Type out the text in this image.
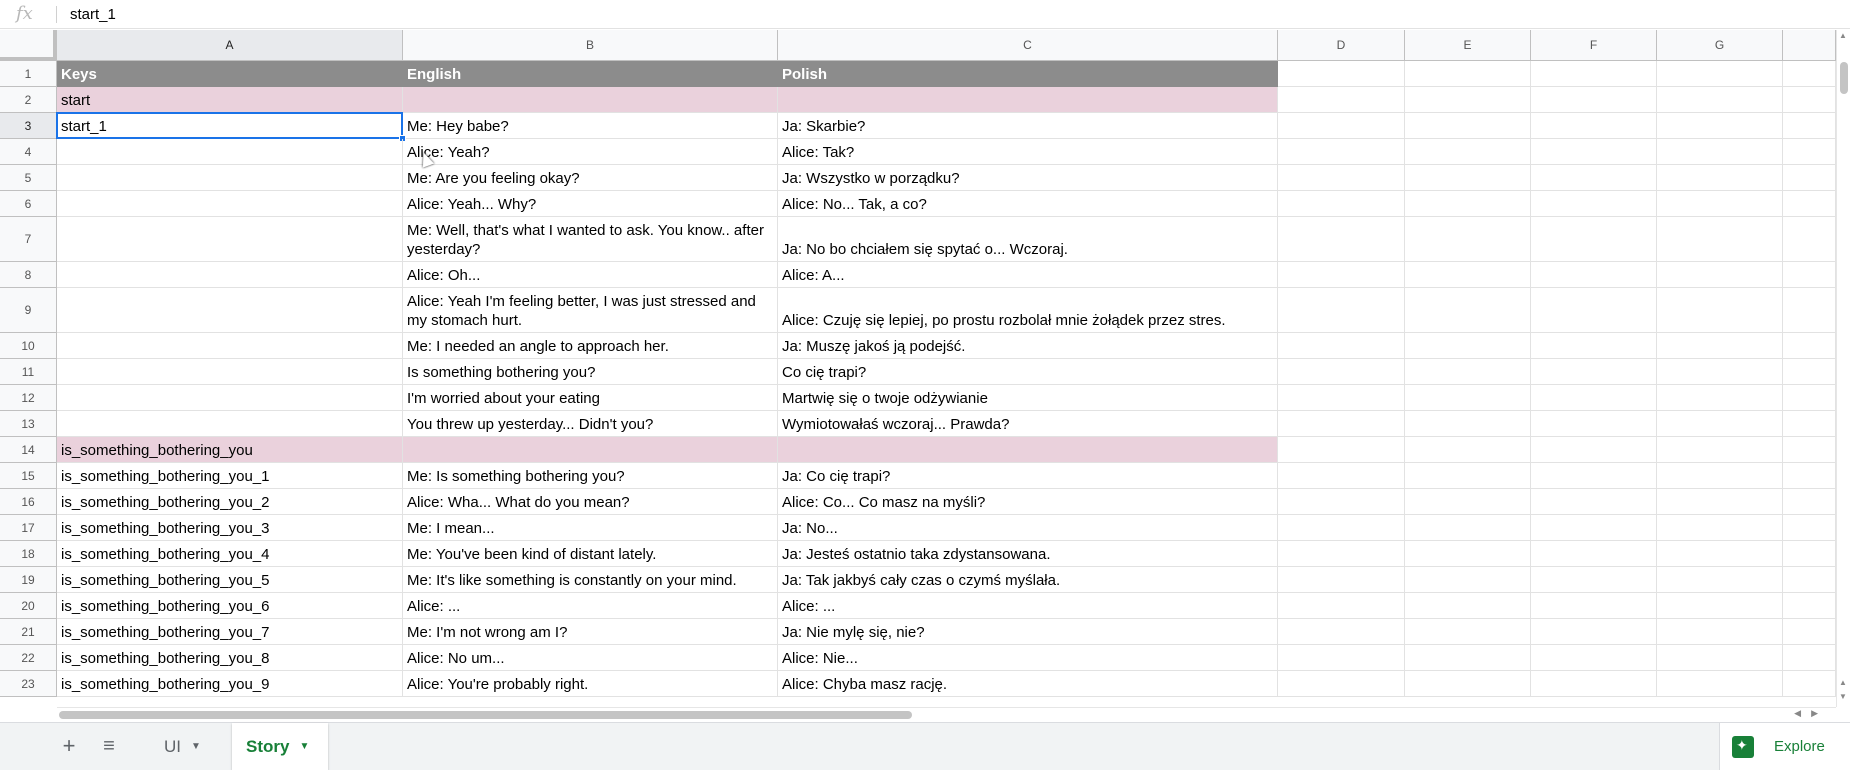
fx start_1
A	B	C	D	E	F	G
1	Keys	English	Polish
2	start
3	start_1	Me: Hey babe?	Ja: Skarbie?
4	Alice: Yeah?	Alice: Tak?
5	Me: Are you feeling okay?	Ja: Wszystko w porządku?
6	Alice: Yeah... Why?	Alice: No... Tak, a co?
7	Me: Well, that's what I wanted to ask. You know.. after yesterday?	Ja: No bo chciałem się spytać o... Wczoraj.
8	Alice: Oh...	Alice: A...
9	Alice: Yeah I'm feeling better, I was just stressed and my stomach hurt.	Alice: Czuję się lepiej, po prostu rozbolał mnie żołądek przez stres.
10	Me: I needed an angle to approach her.	Ja: Muszę jakoś ją podejść.
11	Is something bothering you?	Co cię trapi?
12	I'm worried about your eating	Martwię się o twoje odżywianie
13	You threw up yesterday... Didn't you?	Wymiotowałaś wczoraj... Prawda?
14	is_something_bothering_you
15	is_something_bothering_you_1	Me: Is something bothering you?	Ja: Co cię trapi?
16	is_something_bothering_you_2	Alice: Wha... What do you mean?	Alice: Co... Co masz na myśli?
17	is_something_bothering_you_3	Me: I mean...	Ja: No...
18	is_something_bothering_you_4	Me: You've been kind of distant lately.	Ja: Jesteś ostatnio taka zdystansowana.
19	is_something_bothering_you_5	Me: It's like something is constantly on your mind.	Ja: Tak jakbyś cały czas o czymś myślała.
20	is_something_bothering_you_6	Alice: ...	Alice: ...
21	is_something_bothering_you_7	Me: I'm not wrong am I?	Ja: Nie mylę się, nie?
22	is_something_bothering_you_8	Alice: No um...	Alice: Nie...
23	is_something_bothering_you_9	Alice: You're probably right.	Alice: Chyba masz rację.
▲
▲
▼
◀▶
+	≡	UI ▼	Story ▼
✦	Explore
